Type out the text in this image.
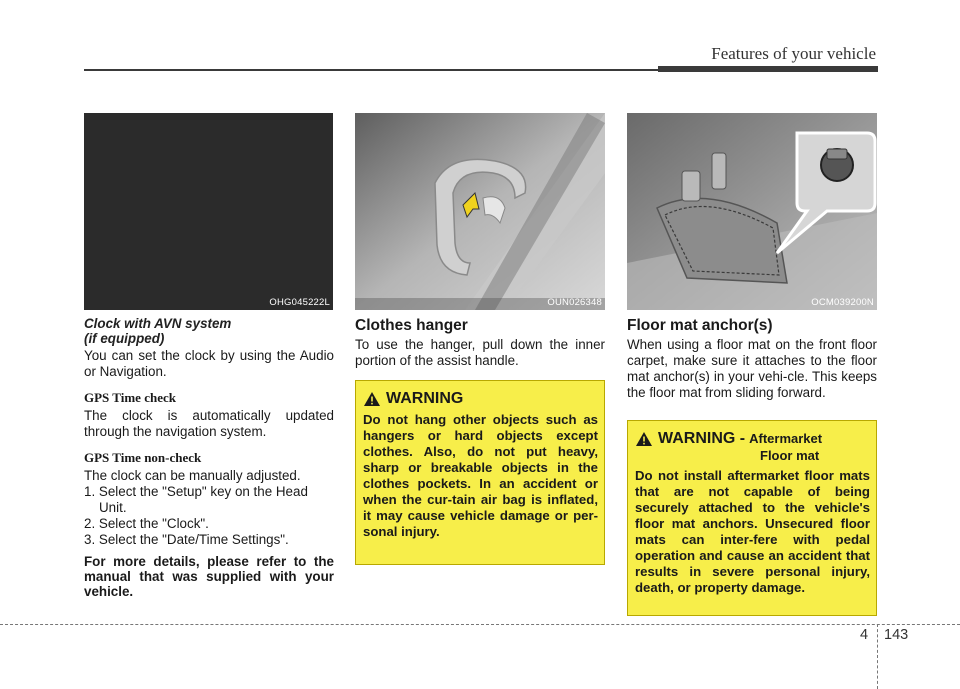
Features of your vehicle
OHG045222L	OUN026348	OCM039200N
Clock with AVN system
(if equipped)

You can set the clock by using the Audio or Navigation.

GPS Time check

The clock is automatically updated through the navigation system.

GPS Time non-check

The clock can be manually adjusted.

1. Select the "Setup" key on the Head Unit.
2. Select the "Clock".
3. Select the "Date/Time Settings".
For more details, please refer to the manual that was supplied with your vehicle.
Clothes hanger

To use the hanger, pull down the inner portion of the assist handle.

WARNING
Do not hang other objects such as hangers or hard objects except clothes. Also, do not put heavy, sharp or breakable objects in the clothes pockets. In an accident or when the cur-tain air bag is inflated, it may cause vehicle damage or per-sonal injury.
Floor mat anchor(s)

When using a floor mat on the front floor carpet, make sure it attaches to the floor mat anchor(s) in your vehi-cle. This keeps the floor mat from sliding forward.

WARNING - Aftermarket
Floor mat
Do not install aftermarket floor mats that are not capable of being securely attached to the vehicle's floor mat anchors. Unsecured floor mats can inter-fere with pedal operation and cause an accident that results in severe personal injury, death, or property damage.
4 143
